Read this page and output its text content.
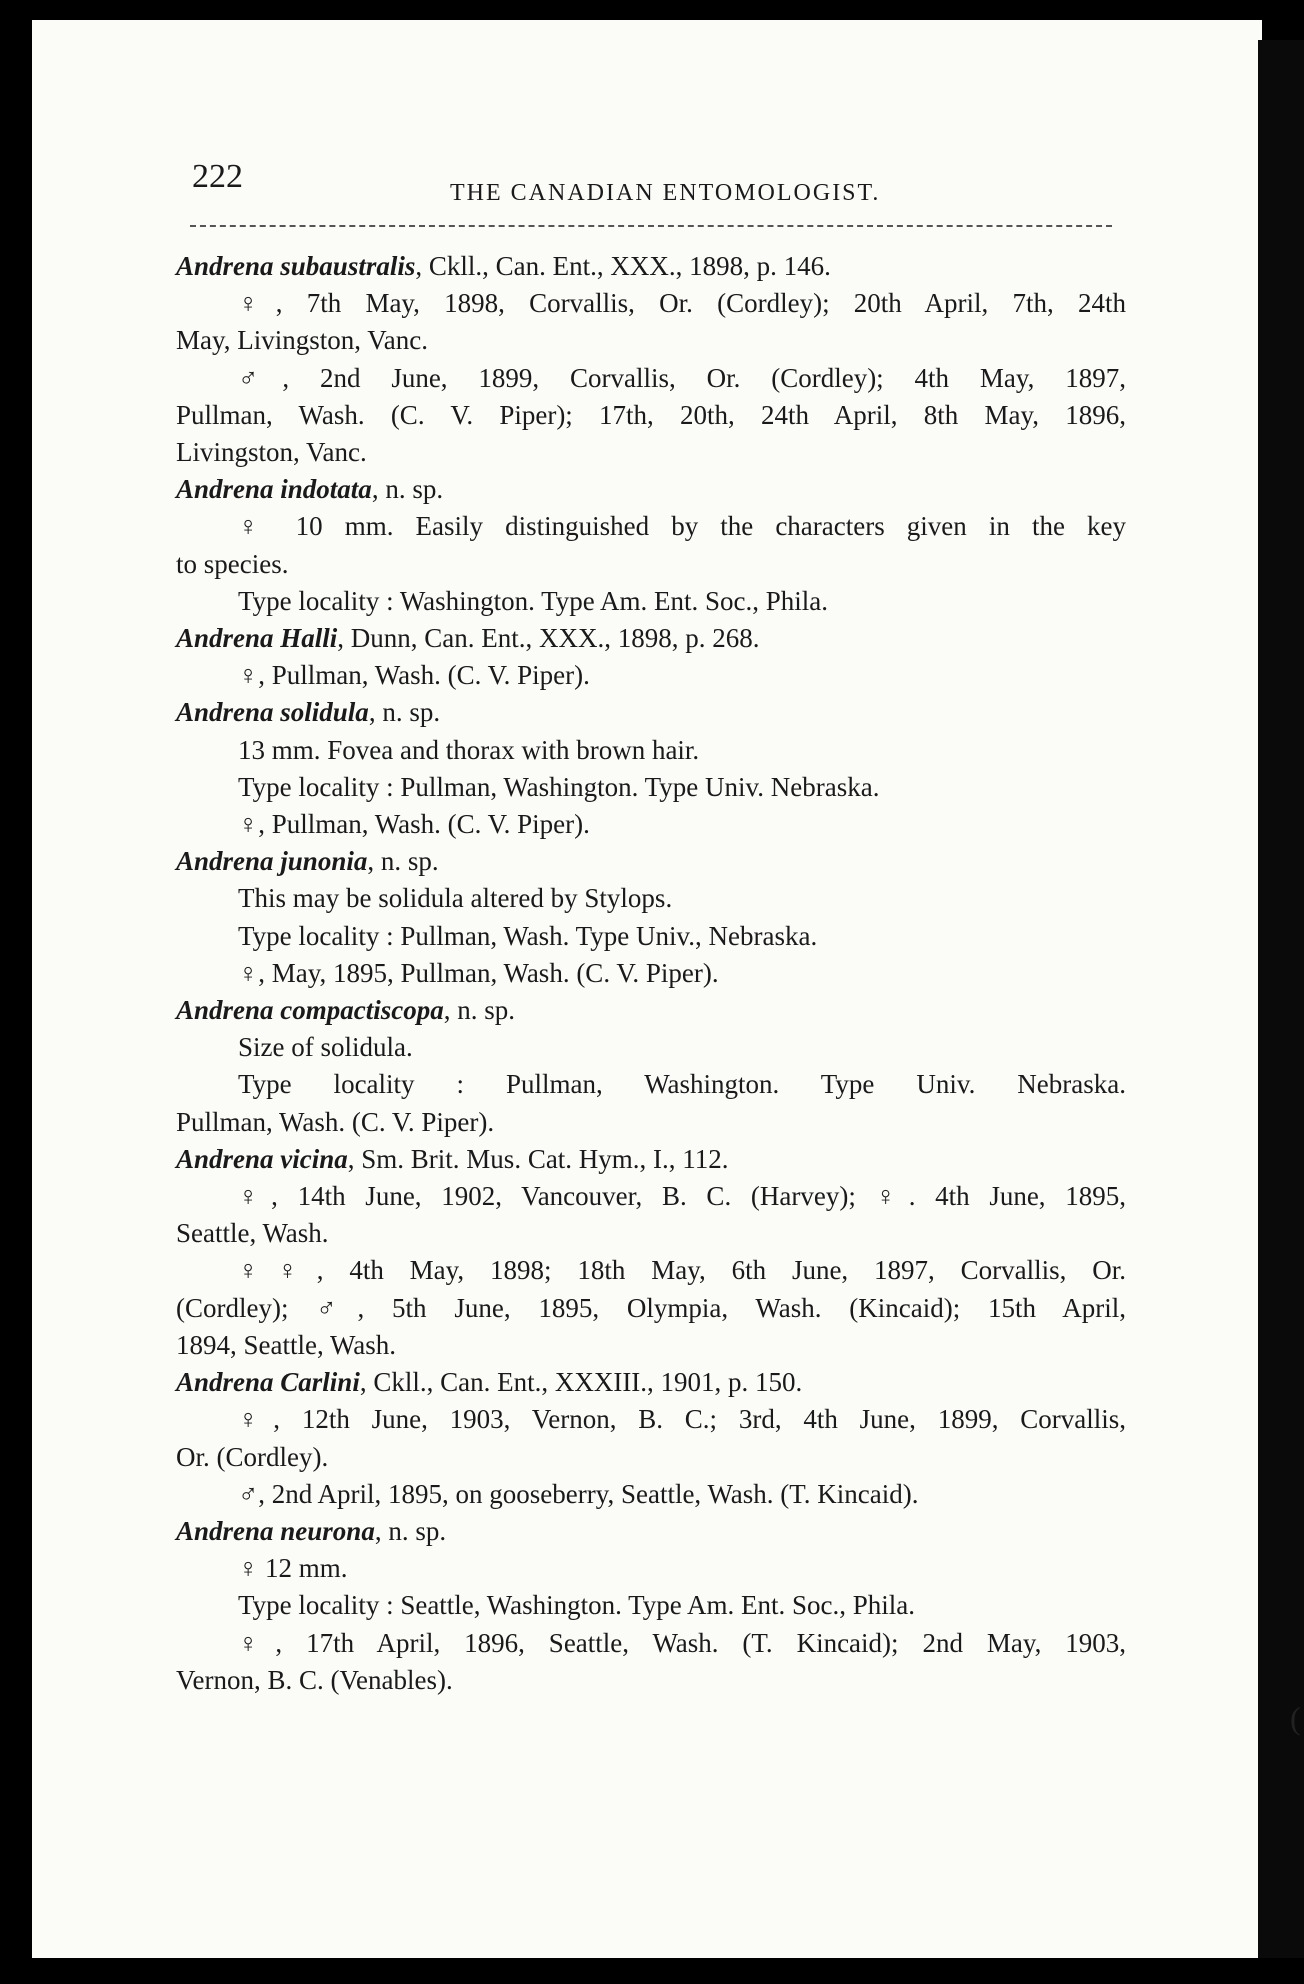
(
222	THE CANADIAN ENTOMOLOGIST.
Andrena subaustralis, Ckll., Can. Ent., XXX., 1898, p. 146.
♀, 7th May, 1898, Corvallis, Or. (Cordley); 20th April, 7th, 24th
May, Livingston, Vanc.
♂, 2nd June, 1899, Corvallis, Or. (Cordley); 4th May, 1897,
Pullman, Wash. (C. V. Piper); 17th, 20th, 24th April, 8th May, 1896,
Livingston, Vanc.
Andrena indotata, n. sp.
♀ 10 mm. Easily distinguished by the characters given in the key
to species.
Type locality : Washington. Type Am. Ent. Soc., Phila.
Andrena Halli, Dunn, Can. Ent., XXX., 1898, p. 268.
♀, Pullman, Wash. (C. V. Piper).
Andrena solidula, n. sp.
13 mm. Fovea and thorax with brown hair.
Type locality : Pullman, Washington. Type Univ. Nebraska.
♀, Pullman, Wash. (C. V. Piper).
Andrena junonia, n. sp.
This may be solidula altered by Stylops.
Type locality : Pullman, Wash. Type Univ., Nebraska.
♀, May, 1895, Pullman, Wash. (C. V. Piper).
Andrena compactiscopa, n. sp.
Size of solidula.
Type locality : Pullman, Washington. Type Univ. Nebraska.
Pullman, Wash. (C. V. Piper).
Andrena vicina, Sm. Brit. Mus. Cat. Hym., I., 112.
♀, 14th June, 1902, Vancouver, B. C. (Harvey); ♀. 4th June, 1895,
Seattle, Wash.
♀♀, 4th May, 1898; 18th May, 6th June, 1897, Corvallis, Or.
(Cordley); ♂, 5th June, 1895, Olympia, Wash. (Kincaid); 15th April,
1894, Seattle, Wash.
Andrena Carlini, Ckll., Can. Ent., XXXIII., 1901, p. 150.
♀, 12th June, 1903, Vernon, B. C.; 3rd, 4th June, 1899, Corvallis,
Or. (Cordley).
♂, 2nd April, 1895, on gooseberry, Seattle, Wash. (T. Kincaid).
Andrena neurona, n. sp.
♀ 12 mm.
Type locality : Seattle, Washington. Type Am. Ent. Soc., Phila.
♀, 17th April, 1896, Seattle, Wash. (T. Kincaid); 2nd May, 1903,
Vernon, B. C. (Venables).
